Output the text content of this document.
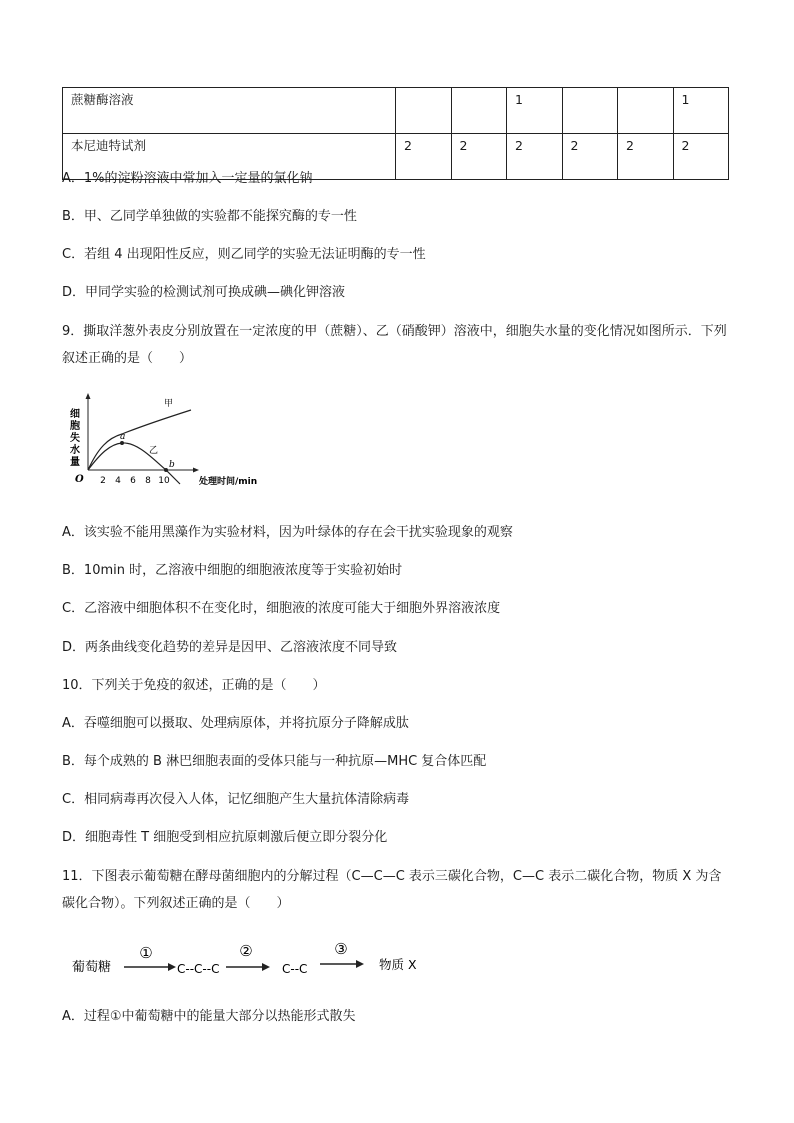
蔗糖酶溶液			1			1
本尼迪特试剂	2	2	2	2	2	2
A．1%的淀粉溶液中常加入一定量的氯化钠
B．甲、乙同学单独做的实验都不能探究酶的专一性
C．若组 4 出现阳性反应，则乙同学的实验无法证明酶的专一性
D．甲同学实验的检测试剂可换成碘—碘化钾溶液
9．撕取洋葱外表皮分别放置在一定浓度的甲（蔗糖）、乙（硝酸钾）溶液中，细胞失水量的变化情况如图所示．下列叙述正确的是（　　）
细
胞
失
水
量
O 2 4 6 8 10	处理时间/min
甲
乙
a
b
A．该实验不能用黑藻作为实验材料，因为叶绿体的存在会干扰实验现象的观察
B．10min 时，乙溶液中细胞的细胞液浓度等于实验初始时
C．乙溶液中细胞体积不在变化时，细胞液的浓度可能大于细胞外界溶液浓度
D．两条曲线变化趋势的差异是因甲、乙溶液浓度不同导致
10．下列关于免疫的叙述，正确的是（　　）
A．吞噬细胞可以摄取、处理病原体，并将抗原分子降解成肽
B．每个成熟的 B 淋巴细胞表面的受体只能与一种抗原—MHC 复合体匹配
C．相同病毒再次侵入人体，记忆细胞产生大量抗体清除病毒
D．细胞毒性 T 细胞受到相应抗原刺激后便立即分裂分化
11．下图表示葡萄糖在酵母菌细胞内的分解过程（C—C—C 表示三碳化合物，C—C 表示二碳化合物，物质 X 为含碳化合物）。下列叙述正确的是（　　）
葡萄糖
①
C--C--C
②
C--C
③
物质 X
A．过程①中葡萄糖中的能量大部分以热能形式散失
